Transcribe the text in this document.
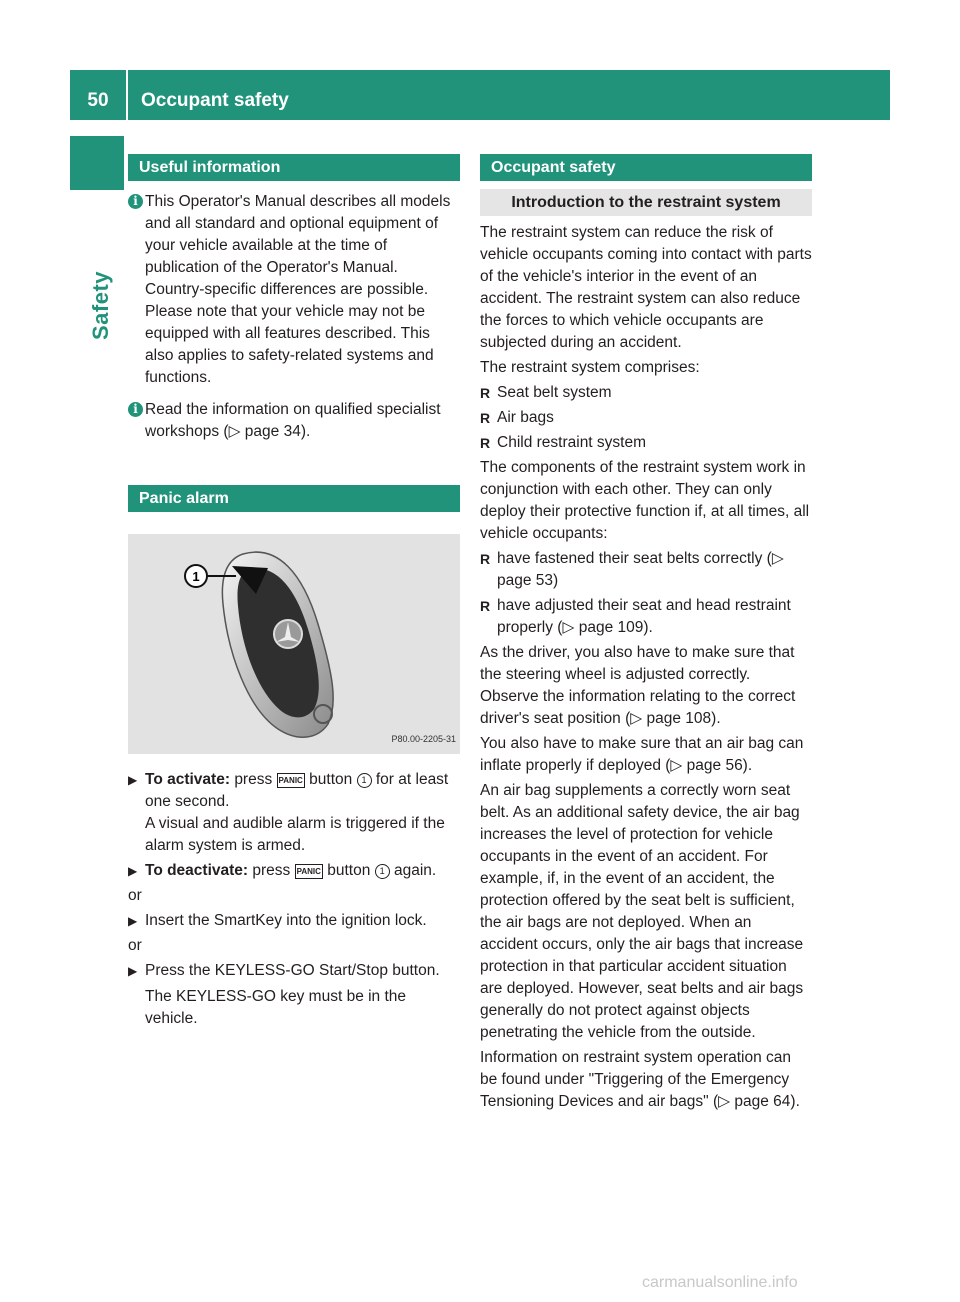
50	Occupant safety
Safety
Useful information
i This Operator's Manual describes all models and all standard and optional equipment of your vehicle available at the time of publication of the Operator's Manual. Country-specific differences are possible. Please note that your vehicle may not be equipped with all features described. This also applies to safety-related systems and functions.
i Read the information on qualified specialist workshops (▷ page 34).
Panic alarm
1
P80.00-2205-31
▶ To activate: press PANIC button 1 for at least one second.
A visual and audible alarm is triggered if the alarm system is armed.
▶ To deactivate: press PANIC button 1 again.
or
▶ Insert the SmartKey into the ignition lock.
or
▶ Press the KEYLESS-GO Start/Stop button.
The KEYLESS-GO key must be in the vehicle.
Occupant safety
Introduction to the restraint system

The restraint system can reduce the risk of vehicle occupants coming into contact with parts of the vehicle's interior in the event of an accident. The restraint system can also reduce the forces to which vehicle occupants are subjected during an accident.

The restraint system comprises:

R Seat belt system
R Air bags
R Child restraint system

The components of the restraint system work in conjunction with each other. They can only deploy their protective function if, at all times, all vehicle occupants:

R have fastened their seat belts correctly (▷ page 53)
R have adjusted their seat and head restraint properly (▷ page 109).

As the driver, you also have to make sure that the steering wheel is adjusted correctly. Observe the information relating to the correct driver's seat position (▷ page 108).

You also have to make sure that an air bag can inflate properly if deployed (▷ page 56).

An air bag supplements a correctly worn seat belt. As an additional safety device, the air bag increases the level of protection for vehicle occupants in the event of an accident. For example, if, in the event of an accident, the protection offered by the seat belt is sufficient, the air bags are not deployed. When an accident occurs, only the air bags that increase protection in that particular accident situation are deployed. However, seat belts and air bags generally do not protect against objects penetrating the vehicle from the outside.

Information on restraint system operation can be found under "Triggering of the Emergency Tensioning Devices and air bags" (▷ page 64).

carmanualsonline.info
